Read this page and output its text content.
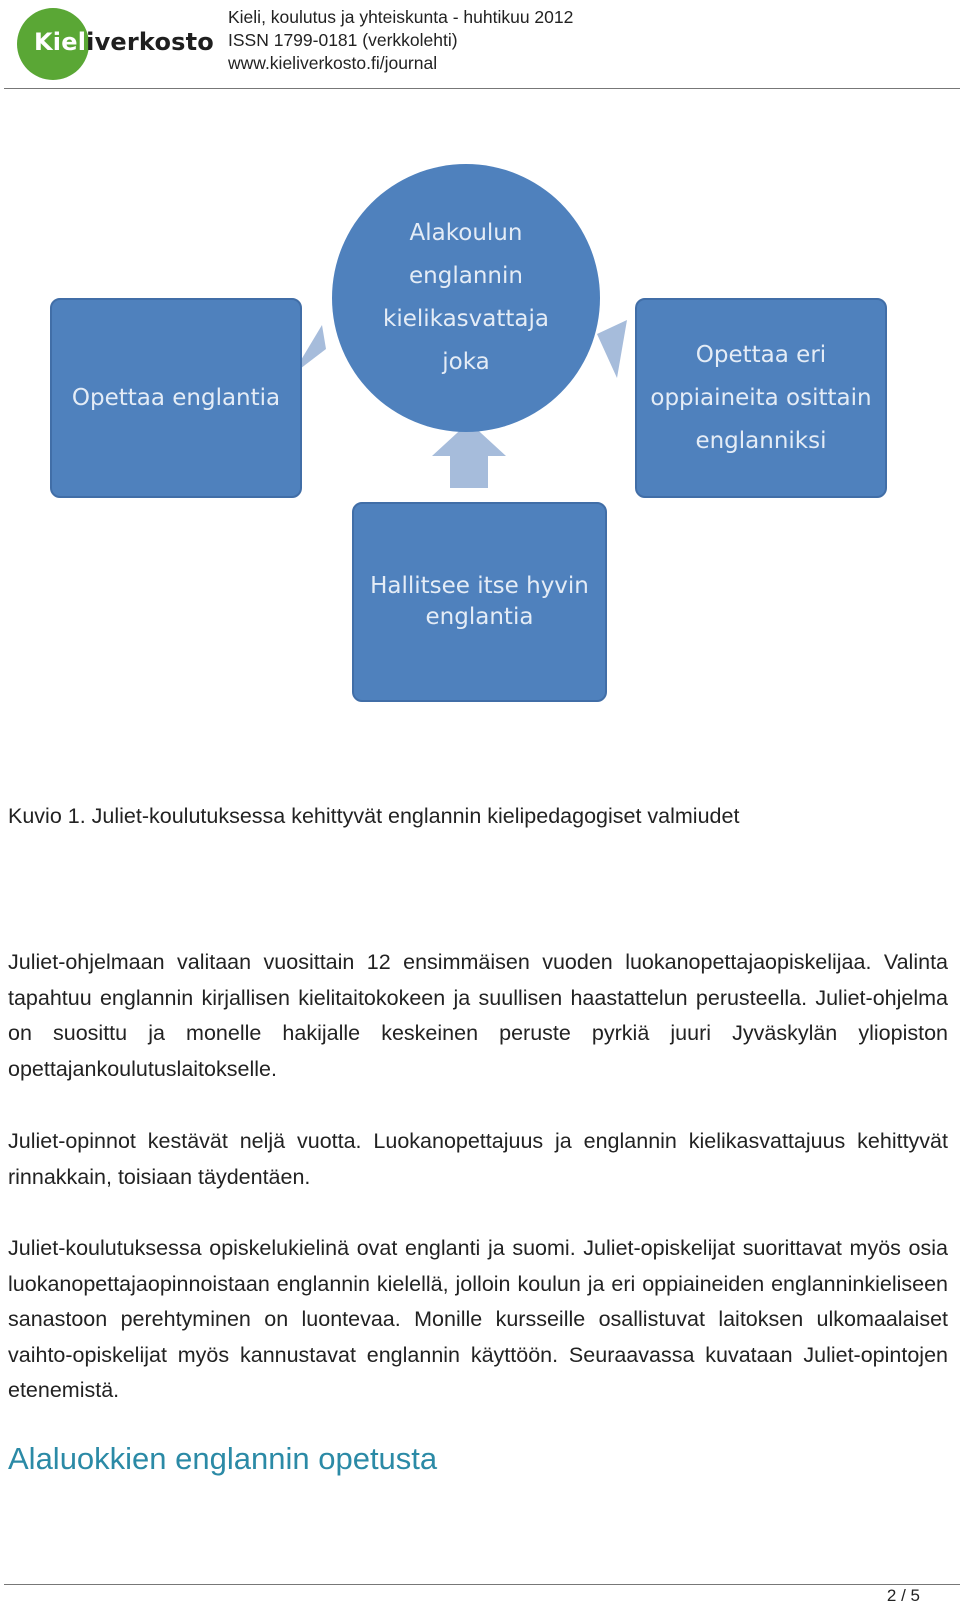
Kieliverkosto
Kieli, koulutus ja yhteiskunta - huhtikuu 2012
ISSN 1799-0181 (verkkolehti)
www.kieliverkosto.fi/journal
Alakoulun
englannin
kielikasvattaja
joka
Opettaa englantia
Opettaa eri
oppiaineita osittain
englanniksi
Hallitsee itse hyvin
englantia
Kuvio 1. Juliet-koulutuksessa kehittyvät englannin kielipedagogiset valmiudet
Juliet-ohjelmaan valitaan vuosittain 12 ensimmäisen vuoden luokanopettajaopiskelijaa. Valinta tapahtuu englannin kirjallisen kielitaitokokeen ja suullisen haastattelun perusteella. Juliet-ohjelma on suosittu ja monelle hakijalle keskeinen peruste pyrkiä juuri Jyväskylän yliopiston opettajankoulutuslaitokselle.
Juliet-opinnot kestävät neljä vuotta. Luokanopettajuus ja englannin kielikasvattajuus kehittyvät rinnakkain, toisiaan täydentäen.
Juliet-koulutuksessa opiskelukielinä ovat englanti ja suomi. Juliet-opiskelijat suorittavat myös osia luokanopettajaopinnoistaan englannin kielellä, jolloin koulun ja eri oppiaineiden englanninkieliseen sanastoon perehtyminen on luontevaa. Monille kursseille osallistuvat laitoksen ulkomaalaiset vaihto-opiskelijat myös kannustavat englannin käyttöön. Seuraavassa kuvataan Juliet-opintojen etenemistä.
Alaluokkien englannin opetusta
2 / 5
